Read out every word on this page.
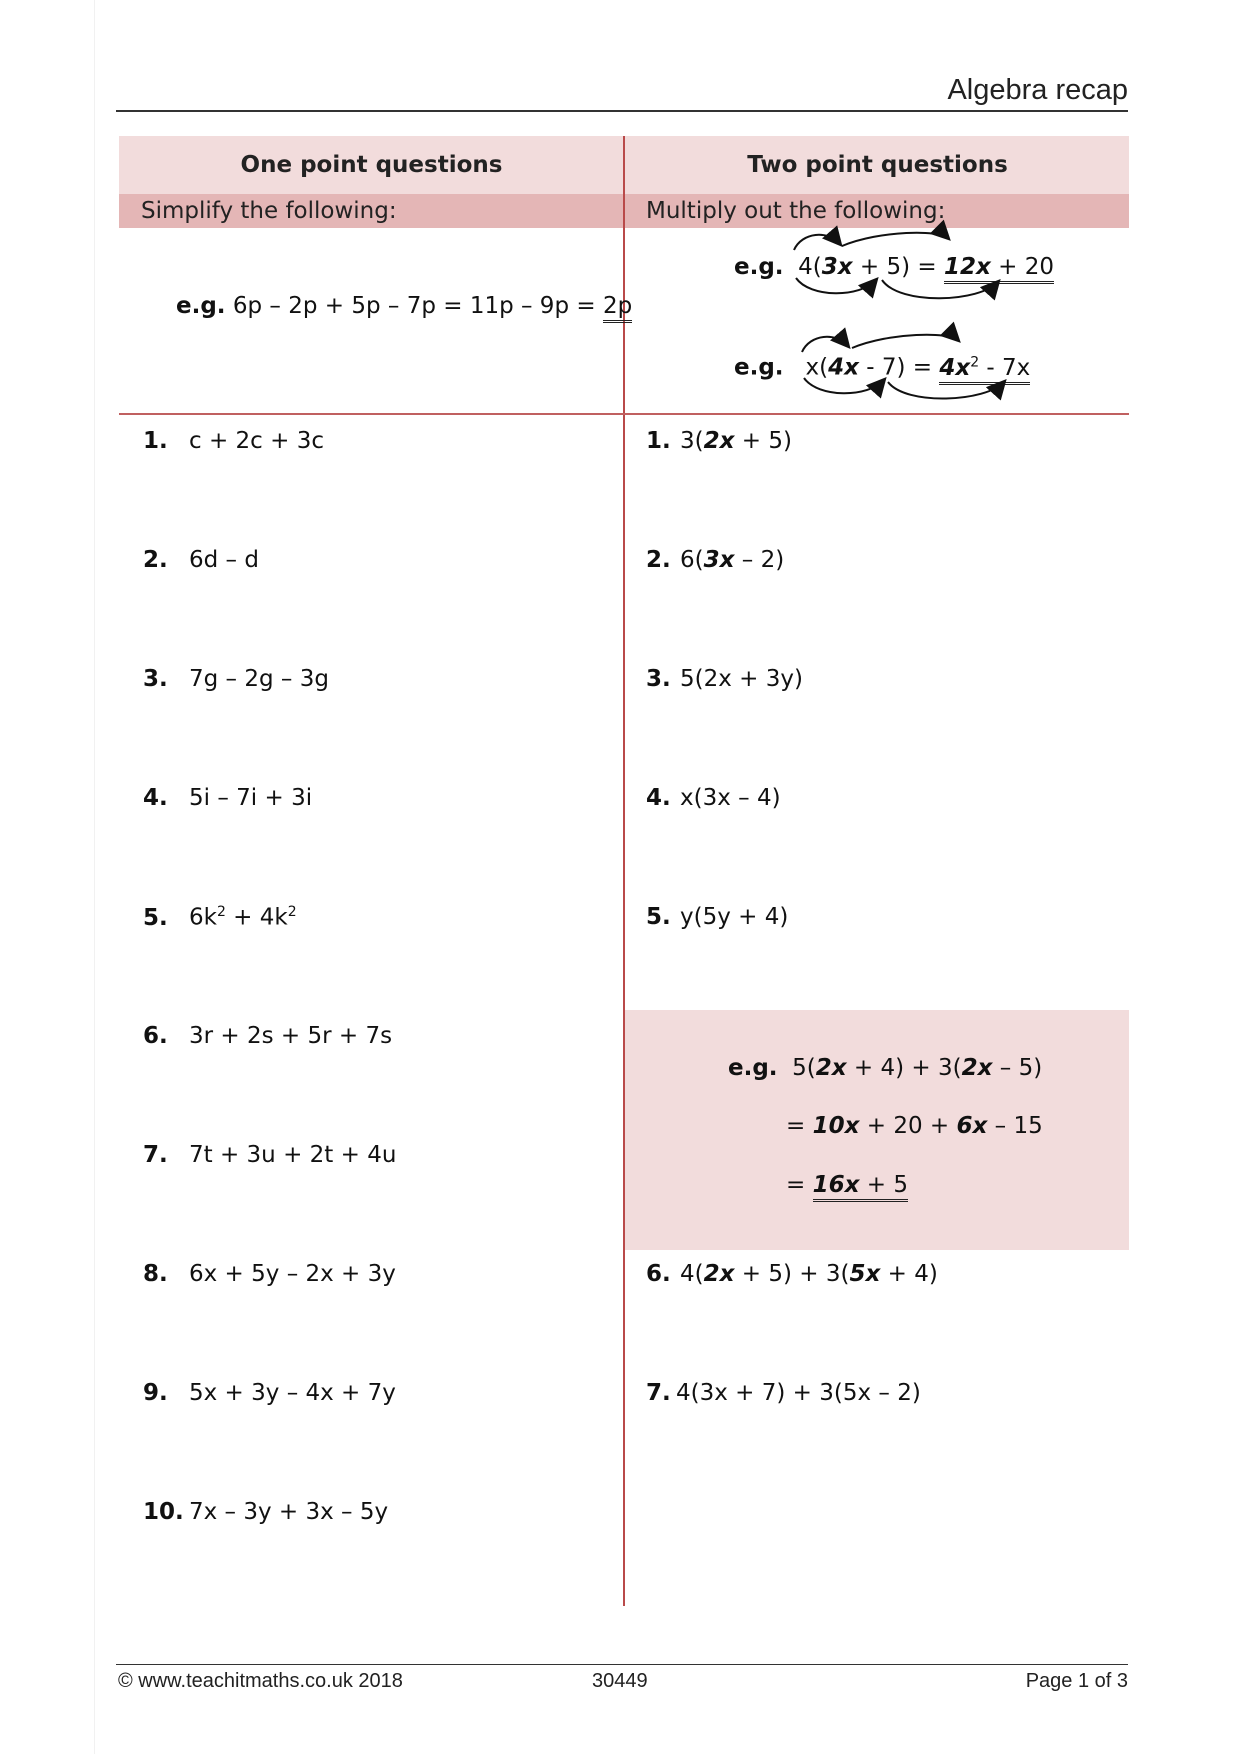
Algebra recap
One point questions	Two point questions
Simplify the following:	Multiply out the following:
e.g. 6p – 2p + 5p – 7p = 11p – 9p = 2p
e.g. 4(3x + 5) = 12x + 20
e.g. $x(4x - 7) = 4x^2 - 7x$
1. c + 2c + 3c
2. 6d – d
3. 7g – 2g – 3g
4. 5i – 7i + 3i
5. $6k^2 + 4k^2$
6. 3r + 2s + 5r + 7s
7. 7t + 3u + 2t + 4u
8. 6x + 5y – 2x + 3y
9. 5x + 3y – 4x + 7y
10. 7x – 3y + 3x – 5y
1. 3(2x + 5)
2. 6(3x – 2)
3. 5(2x + 3y)
4. x(3x – 4)
5. y(5y + 4)
e.g. 5(2x + 4) + 3(2x – 5)
= 10x + 20 + 6x – 15
= 16x + 5
6. 4(2x + 5) + 3(5x + 4)
7. 4(3x + 7) + 3(5x – 2)
© www.teachitmaths.co.uk 2018	30449	Page 1 of 3
